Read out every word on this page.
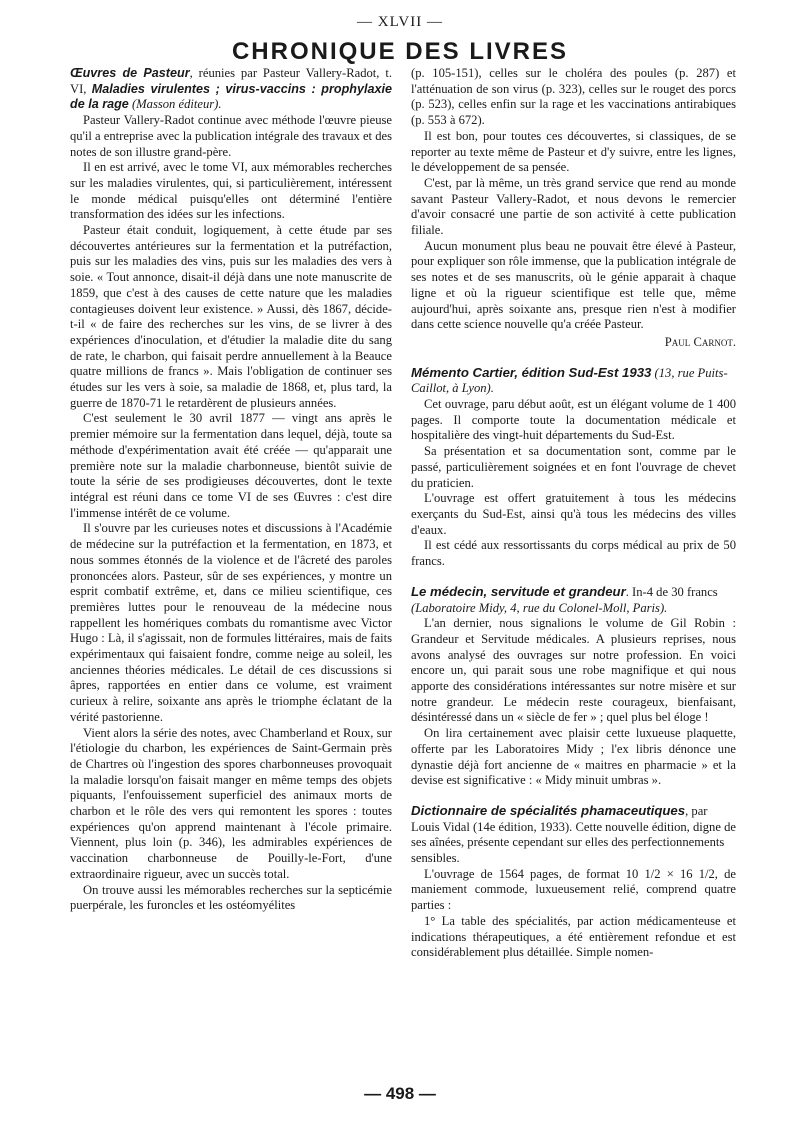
— XLVII —
CHRONIQUE DES LIVRES

Œuvres de Pasteur, réunies par Pasteur Vallery-Radot, t. VI, Maladies virulentes ; virus-vaccins : prophylaxie de la rage (Masson éditeur).

Pasteur Vallery-Radot continue avec méthode l'œuvre pieuse qu'il a entreprise avec la publication intégrale des travaux et des notes de son illustre grand-père.

Il en est arrivé, avec le tome VI, aux mémorables recherches sur les maladies virulentes, qui, si particulièrement, intéressent le monde médical puisqu'elles ont déterminé l'entière transformation des idées sur les infections.

Pasteur était conduit, logiquement, à cette étude par ses découvertes antérieures sur la fermentation et la putréfaction, puis sur les maladies des vins, puis sur les maladies des vers à soie. « Tout annonce, disait-il déjà dans une note manuscrite de 1859, que c'est à des causes de cette nature que les maladies contagieuses doivent leur existence. » Aussi, dès 1867, décide-t-il « de faire des recherches sur les vins, de se livrer à des expériences d'inoculation, et d'étudier la maladie dite du sang de rate, le charbon, qui faisait perdre annuellement à la Beauce quatre millions de francs ». Mais l'obligation de continuer ses études sur les vers à soie, sa maladie de 1868, et, plus tard, la guerre de 1870-71 le retardèrent de plusieurs années.

C'est seulement le 30 avril 1877 — vingt ans après le premier mémoire sur la fermentation dans lequel, déjà, toute sa méthode d'expérimentation avait été créée — qu'apparait une première note sur la maladie charbonneuse, bientôt suivie de toute la série de ses prodigieuses découvertes, dont le texte intégral est réuni dans ce tome VI de ses Œuvres : c'est dire l'immense intérêt de ce volume.

Il s'ouvre par les curieuses notes et discussions à l'Académie de médecine sur la putréfaction et la fermentation, en 1873, et nous sommes étonnés de la violence et de l'âcreté des paroles prononcées alors. Pasteur, sûr de ses expériences, y montre un esprit combatif extrême, et, dans ce milieu scientifique, ces premières luttes pour le renouveau de la médecine nous rappellent les homériques combats du romantisme avec Victor Hugo : Là, il s'agissait, non de formules littéraires, mais de faits expérimentaux qui faisaient fondre, comme neige au soleil, les anciennes théories médicales. Le détail de ces discussions si âpres, rapportées en entier dans ce volume, est vraiment curieux à relire, soixante ans après le triomphe éclatant de la vérité pastorienne.

Vient alors la série des notes, avec Chamberland et Roux, sur l'étiologie du charbon, les expériences de Saint-Germain près de Chartres où l'ingestion des spores charbonneuses provoquait la maladie lorsqu'on faisait manger en même temps des objets piquants, l'enfouissement superficiel des animaux morts de charbon et le rôle des vers qui remontent les spores : toutes expériences qu'on apprend maintenant à l'école primaire. Viennent, plus loin (p. 346), les admirables expériences de vaccination charbonneuse de Pouilly-le-Fort, d'une extraordinaire rigueur, avec un succès total.

On trouve aussi les mémorables recherches sur la septicémie puerpérale, les furoncles et les ostéomyélites

(p. 105-151), celles sur le choléra des poules (p. 287) et l'atténuation de son virus (p. 323), celles sur le rouget des porcs (p. 523), celles enfin sur la rage et les vaccinations antirabiques (p. 553 à 672).

Il est bon, pour toutes ces découvertes, si classiques, de se reporter au texte même de Pasteur et d'y suivre, entre les lignes, le développement de sa pensée.

C'est, par là même, un très grand service que rend au monde savant Pasteur Vallery-Radot, et nous devons le remercier d'avoir consacré une partie de son activité à cette publication filiale.

Aucun monument plus beau ne pouvait être élevé à Pasteur, pour expliquer son rôle immense, que la publication intégrale de ses notes et de ses manuscrits, où le génie apparait à chaque ligne et où la rigueur scientifique est telle que, même aujourd'hui, après soixante ans, presque rien n'est à modifier dans cette science nouvelle qu'a créée Pasteur.

Paul Carnot.

Mémento Cartier, édition Sud-Est 1933 (13, rue Puits-Caillot, à Lyon).

Cet ouvrage, paru début août, est un élégant volume de 1 400 pages. Il comporte toute la documentation médicale et hospitalière des vingt-huit départements du Sud-Est.

Sa présentation et sa documentation sont, comme par le passé, particulièrement soignées et en font l'ouvrage de chevet du praticien.

L'ouvrage est offert gratuitement à tous les médecins exerçants du Sud-Est, ainsi qu'à tous les médecins des villes d'eaux.

Il est cédé aux ressortissants du corps médical au prix de 50 francs.

Le médecin, servitude et grandeur. In-4 de 30 francs (Laboratoire Midy, 4, rue du Colonel-Moll, Paris).

L'an dernier, nous signalions le volume de Gil Robin : Grandeur et Servitude médicales. A plusieurs reprises, nous avons analysé des ouvrages sur notre profession. En voici encore un, qui parait sous une robe magnifique et qui nous apporte des considérations intéressantes sur notre misère et sur notre grandeur. Le médecin reste courageux, bienfaisant, désintéressé dans un « siècle de fer » ; quel plus bel éloge !

On lira certainement avec plaisir cette luxueuse plaquette, offerte par les Laboratoires Midy ; l'ex libris dénonce une dynastie déjà fort ancienne de « maitres en pharmacie » et la devise est significative : « Midy minuit umbras ».

Dictionnaire de spécialités phamaceutiques, par Louis Vidal (14e édition, 1933). Cette nouvelle édition, digne de ses aînées, présente cependant sur elles des perfectionnements sensibles.

L'ouvrage de 1564 pages, de format 10 1/2 × 16 1/2, de maniement commode, luxueusement relié, comprend quatre parties :

1° La table des spécialités, par action médicamenteuse et indications thérapeutiques, a été entièrement refondue et est considérablement plus détaillée. Simple nomen-

— 498 —
